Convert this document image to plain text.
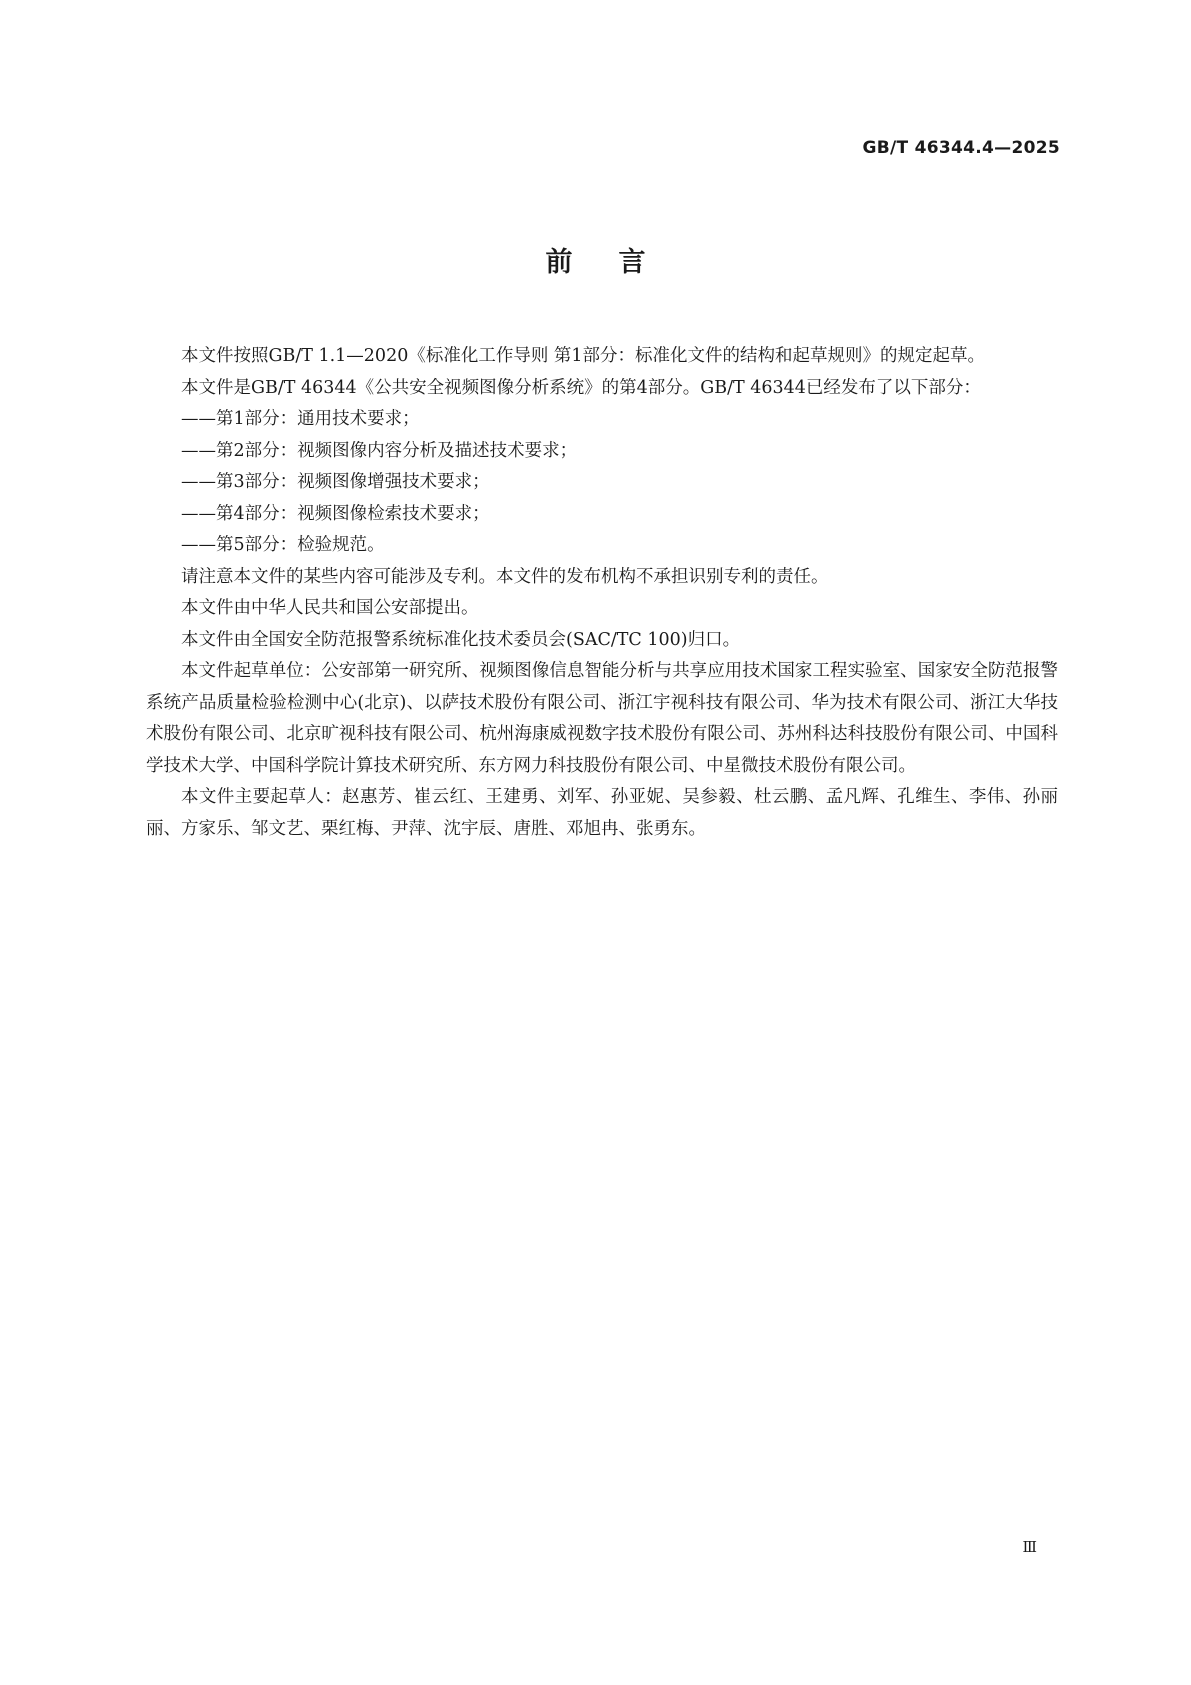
GB/T 46344.4—2025
前言

本文件按照GB/T 1.1—2020《标准化工作导则 第1部分：标准化文件的结构和起草规则》的规定起草。

本文件是GB/T 46344《公共安全视频图像分析系统》的第4部分。GB/T 46344已经发布了以下部分：

——第1部分：通用技术要求；

——第2部分：视频图像内容分析及描述技术要求；

——第3部分：视频图像增强技术要求；

——第4部分：视频图像检索技术要求；

——第5部分：检验规范。

请注意本文件的某些内容可能涉及专利。本文件的发布机构不承担识别专利的责任。

本文件由中华人民共和国公安部提出。

本文件由全国安全防范报警系统标准化技术委员会(SAC/TC 100)归口。

本文件起草单位：公安部第一研究所、视频图像信息智能分析与共享应用技术国家工程实验室、国家安全防范报警系统产品质量检验检测中心(北京)、以萨技术股份有限公司、浙江宇视科技有限公司、华为技术有限公司、浙江大华技术股份有限公司、北京旷视科技有限公司、杭州海康威视数字技术股份有限公司、苏州科达科技股份有限公司、中国科学技术大学、中国科学院计算技术研究所、东方网力科技股份有限公司、中星微技术股份有限公司。

本文件主要起草人：赵惠芳、崔云红、王建勇、刘军、孙亚妮、吴参毅、杜云鹏、孟凡辉、孔维生、李伟、孙丽丽、方家乐、邹文艺、栗红梅、尹萍、沈宇辰、唐胜、邓旭冉、张勇东。

Ⅲ
